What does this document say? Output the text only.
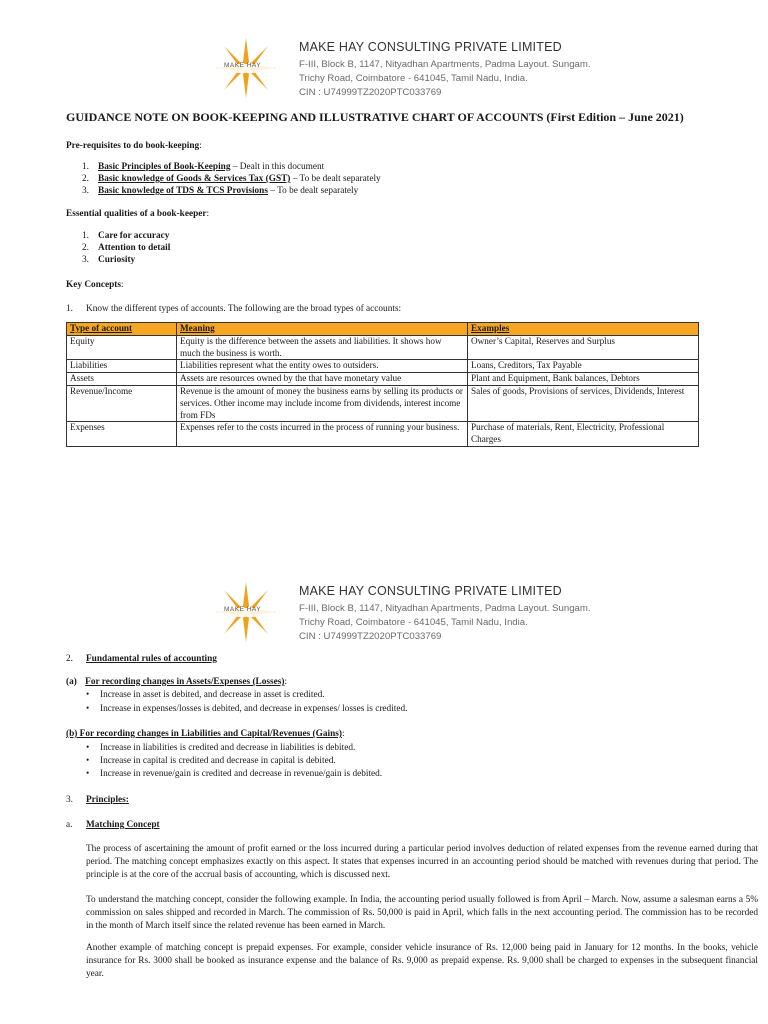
MAKE HAY
MAKE HAY CONSULTING PRIVATE LIMITED
F-III, Block B, 1147, Nityadhan Apartments, Padma Layout. Sungam.
Trichy Road, Coimbatore - 641045, Tamil Nadu, India.
CIN : U74999TZ2020PTC033769
GUIDANCE NOTE ON BOOK-KEEPING AND ILLUSTRATIVE CHART OF ACCOUNTS (First Edition – June 2021)
Pre-requisites to do book-keeping:
1. Basic Principles of Book-Keeping – Dealt in this document
2. Basic knowledge of Goods & Services Tax (GST) – To be dealt separately
3. Basic knowledge of TDS & TCS Provisions – To be dealt separately
Essential qualities of a book-keeper:
1. Care for accuracy
2. Attention to detail
3. Curiosity
Key Concepts:
1. Know the different types of accounts. The following are the broad types of accounts:
Type of account	Meaning	Examples
Equity	Equity is the difference between the assets and liabilities. It shows how much the business is worth.	Owner’s Capital, Reserves and Surplus
Liabilities	Liabilities represent what the entity owes to outsiders.	Loans, Creditors, Tax Payable
Assets	Assets are resources owned by the that have monetary value	Plant and Equipment, Bank balances, Debtors
Revenue/Income	Revenue is the amount of money the business earns by selling its products or services. Other income may include income from dividends, interest income from FDs	Sales of goods, Provisions of services, Dividends, Interest
Expenses	Expenses refer to the costs incurred in the process of running your business.	Purchase of materials, Rent, Electricity, Professional Charges
MAKE HAY
MAKE HAY CONSULTING PRIVATE LIMITED
F-III, Block B, 1147, Nityadhan Apartments, Padma Layout. Sungam.
Trichy Road, Coimbatore - 641045, Tamil Nadu, India.
CIN : U74999TZ2020PTC033769
2. Fundamental rules of accounting
(a) For recording changes in Assets/Expenses (Losses):
• Increase in asset is debited, and decrease in asset is credited.
• Increase in expenses/losses is debited, and decrease in expenses/ losses is credited.
(b) For recording changes in Liabilities and Capital/Revenues (Gains):
• Increase in liabilities is credited and decrease in liabilities is debited.
• Increase in capital is credited and decrease in capital is debited.
• Increase in revenue/gain is credited and decrease in revenue/gain is debited.
3. Principles:
a. Matching Concept
The process of ascertaining the amount of profit earned or the loss incurred during a particular period involves deduction of related expenses from the revenue earned during that period. The matching concept emphasizes exactly on this aspect. It states that expenses incurred in an accounting period should be matched with revenues during that period. The principle is at the core of the accrual basis of accounting, which is discussed next.
To understand the matching concept, consider the following example. In India, the accounting period usually followed is from April – March. Now, assume a salesman earns a 5% commission on sales shipped and recorded in March. The commission of Rs. 50,000 is paid in April, which falls in the next accounting period. The commission has to be recorded in the month of March itself since the related revenue has been earned in March.
Another example of matching concept is prepaid expenses. For example, consider vehicle insurance of Rs. 12,000 being paid in January for 12 months. In the books, vehicle insurance for Rs. 3000 shall be booked as insurance expense and the balance of Rs. 9,000 as prepaid expense. Rs. 9,000 shall be charged to expenses in the subsequent financial year.
